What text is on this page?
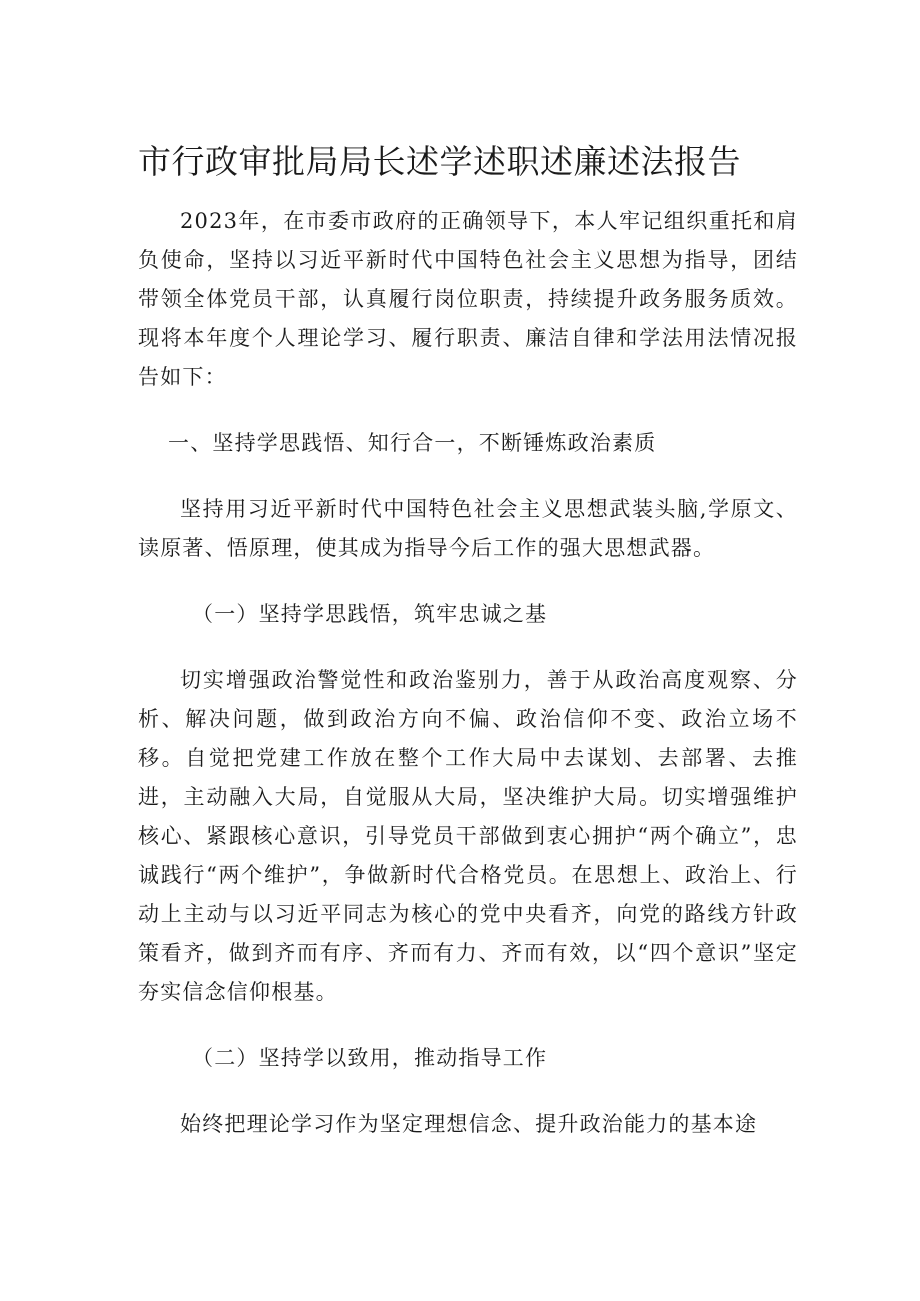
市行政审批局局长述学述职述廉述法报告

2023年，在市委市政府的正确领导下，本人牢记组织重托和肩负使命，坚持以习近平新时代中国特色社会主义思想为指导，团结带领全体党员干部，认真履行岗位职责，持续提升政务服务质效。现将本年度个人理论学习、履行职责、廉洁自律和学法用法情况报告如下：

一、坚持学思践悟、知行合一，不断锤炼政治素质

坚持用习近平新时代中国特色社会主义思想武装头脑,学原文、读原著、悟原理，使其成为指导今后工作的强大思想武器。

（一）坚持学思践悟，筑牢忠诚之基

切实增强政治警觉性和政治鉴别力，善于从政治高度观察、分析、解决问题，做到政治方向不偏、政治信仰不变、政治立场不移。自觉把党建工作放在整个工作大局中去谋划、去部署、去推进，主动融入大局，自觉服从大局，坚决维护大局。切实增强维护核心、紧跟核心意识，引导党员干部做到衷心拥护“两个确立”，忠诚践行“两个维护”，争做新时代合格党员。在思想上、政治上、行动上主动与以习近平同志为核心的党中央看齐，向党的路线方针政策看齐，做到齐而有序、齐而有力、齐而有效，以“四个意识”坚定夯实信念信仰根基。

（二）坚持学以致用，推动指导工作

始终把理论学习作为坚定理想信念、提升政治能力的基本途
